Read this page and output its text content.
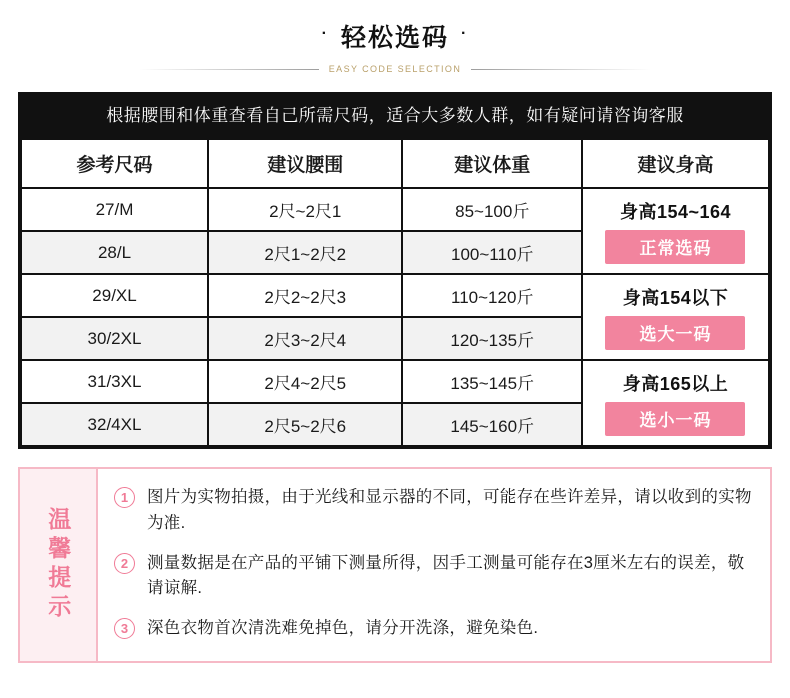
· 轻松选码 ·
EASY CODE SELECTION
根据腰围和体重查看自己所需尺码，适合大多数人群，如有疑问请咨询客服
参考尺码	建议腰围	建议体重	建议身高
27/M	2尺~2尺1	85~100斤	身高154~164
正常选码

28/L	2尺1~2尺2	100~110斤	
29/XL	2尺2~2尺3	110~120斤	身高154以下
选大一码

30/2XL	2尺3~2尺4	120~135斤	
31/3XL	2尺4~2尺5	135~145斤	身高165以上
选小一码

32/4XL	2尺5~2尺6	145~160斤	
温馨提示
1	图片为实物拍摄，由于光线和显示器的不同，可能存在些许差异，请以收到的实物为准.
2	测量数据是在产品的平铺下测量所得，因手工测量可能存在3厘米左右的误差，敬请谅解.
3	深色衣物首次清洗难免掉色，请分开洗涤，避免染色.
